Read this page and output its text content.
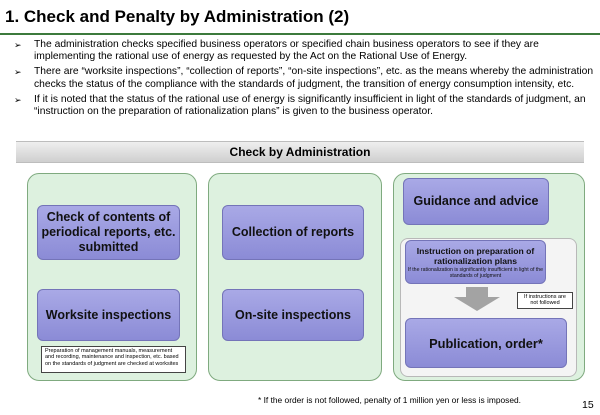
1. Check and Penalty by Administration (2)
➢ The administration checks specified business operators or specified chain business operators to see if they are implementing the rational use of energy as requested by the Act on the Rational Use of Energy.
➢ There are “worksite inspections”, “collection of reports”, “on-site inspections”, etc. as the means whereby the administration checks the status of the compliance with the standards of judgment, the transition of energy consumption intensity, etc.
➢ If it is noted that the status of the rational use of energy is significantly insufficient in light of the standards of judgment, an “instruction on the preparation of rationalization plans” is given to the business operator.
Check by Administration
Check of contents of periodical reports, etc. submitted
Worksite inspections
Preparation of management manuals, measurement and recording, maintenance and inspection, etc. based on the standards of judgment are checked at worksites
Collection of reports
On-site inspections
Guidance and advice
Instruction on preparation of rationalization plans
If the rationalization is significantly insufficient in light of the standards of judgment
If instructions are not followed
Publication, order*
* If the order is not followed, penalty of 1 million yen or less is imposed.	15
